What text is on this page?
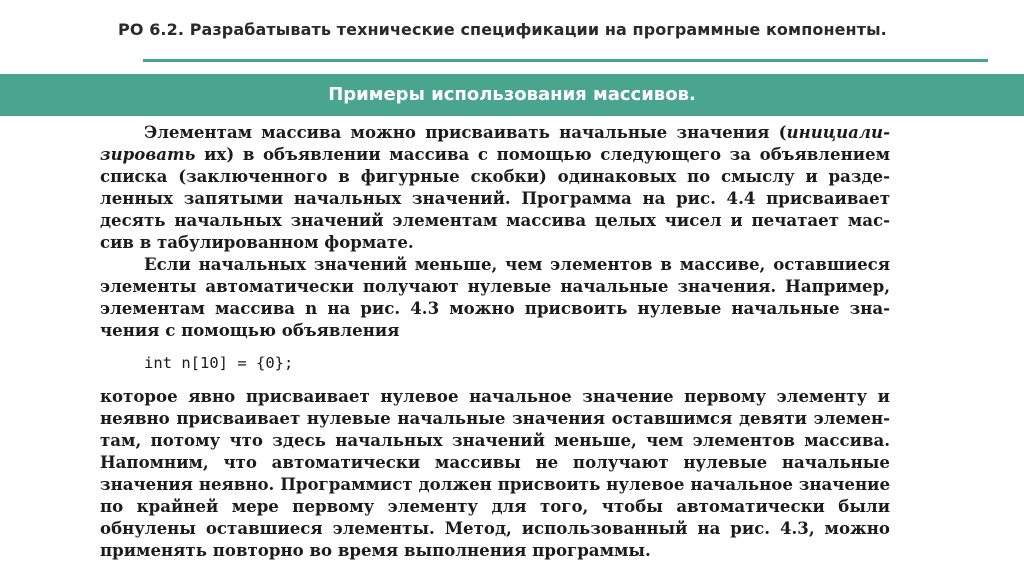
РО 6.2. Разрабатывать технические спецификации на программные компоненты.
Примеры использования массивов.
Элементам массива можно присваивать начальные значения (инициали-
зировать их) в объявлении массива с помощью следующего за объявлением
списка (заключенного в фигурные скобки) одинаковых по смыслу и разде-
ленных запятыми начальных значений. Программа на рис. 4.4 присваивает
десять начальных значений элементам массива целых чисел и печатает мас-
сив в табулированном формате.
Если начальных значений меньше, чем элементов в массиве, оставшиеся
элементы автоматически получают нулевые начальные значения. Например,
элементам массива n на рис. 4.3 можно присвоить нулевые начальные зна-
чения с помощью объявления
int n[10] = {0};
которое явно присваивает нулевое начальное значение первому элементу и
неявно присваивает нулевые начальные значения оставшимся девяти элемен-
там, потому что здесь начальных значений меньше, чем элементов массива.
Напомним, что автоматически массивы не получают нулевые начальные
значения неявно. Программист должен присвоить нулевое начальное значение
по крайней мере первому элементу для того, чтобы автоматически были
обнулены оставшиеся элементы. Метод, использованный на рис. 4.3, можно
применять повторно во время выполнения программы.
